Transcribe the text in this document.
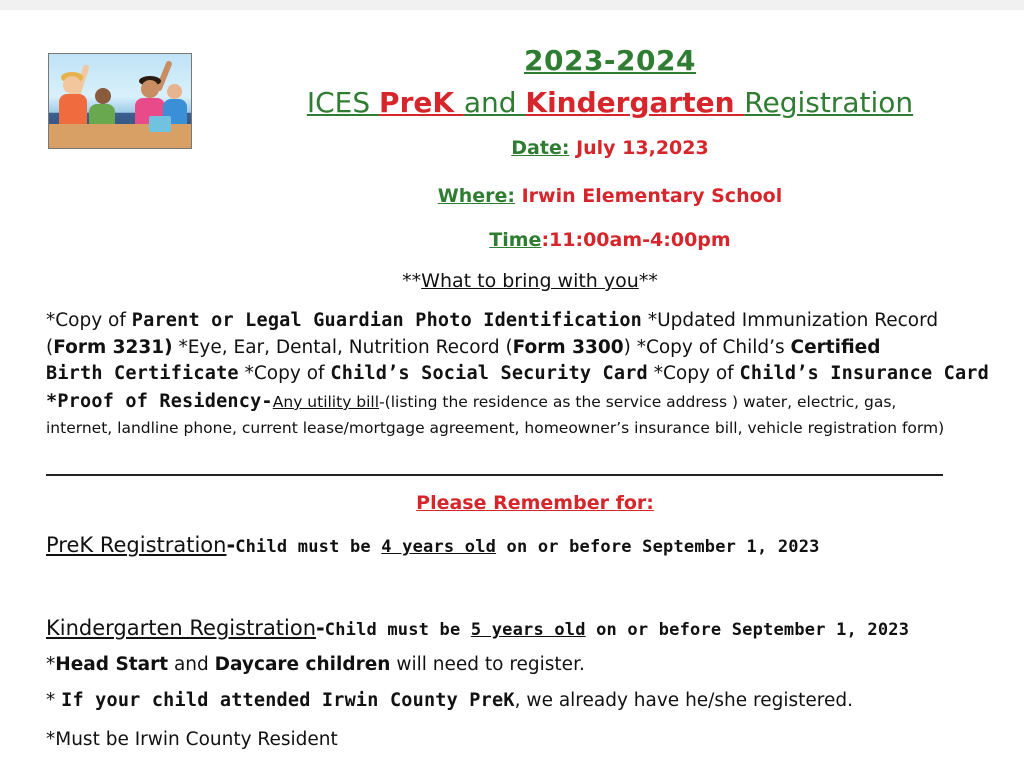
2023-2024
ICES PreK and Kindergarten Registration
Date: July 13,2023
Where: Irwin Elementary School
Time:11:00am-4:00pm
**What to bring with you**
*Copy of Parent or Legal Guardian Photo Identification *Updated Immunization Record
(Form 3231) *Eye, Ear, Dental, Nutrition Record (Form 3300) *Copy of Child’s Certified
Birth Certificate *Copy of Child’s Social Security Card *Copy of Child’s Insurance Card
*Proof of Residency-Any utility bill-(listing the residence as the service address ) water, electric, gas,
internet, landline phone, current lease/mortgage agreement, homeowner’s insurance bill, vehicle registration form)
Please Remember for:
PreK Registration-Child must be 4 years old on or before September 1, 2023
Kindergarten Registration-Child must be 5 years old on or before September 1, 2023
*Head Start and Daycare children will need to register.
* If your child attended Irwin County PreK, we already have he/she registered.
*Must be Irwin County Resident
